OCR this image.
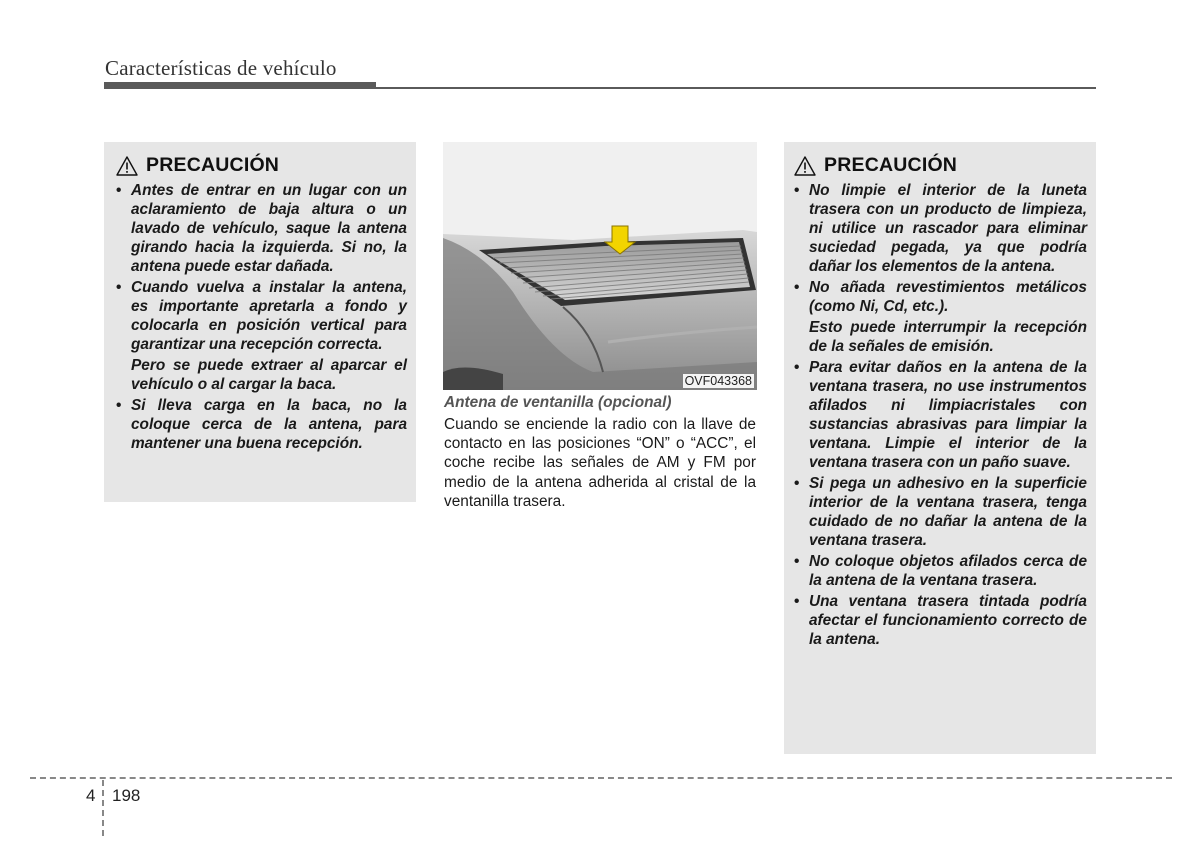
Características de vehículo
PRECAUCIÓN

• Antes de entrar en un lugar con un aclaramiento de baja altura o un lavado de vehículo, saque la antena girando hacia la izquierda. Si no, la antena puede estar dañada.

• Cuando vuelva a instalar la antena, es importante apretarla a fondo y colocarla en posición vertical para garantizar una recepción correcta.

Pero se puede extraer al aparcar el vehículo o al cargar la baca.

• Si lleva carga en la baca, no la coloque cerca de la antena, para mantener una buena recepción.

OVF043368
Antena de ventanilla (opcional)

Cuando se enciende la radio con la llave de contacto en las posiciones “ON” o “ACC”, el coche recibe las señales de AM y FM por medio de la antena adherida al cristal de la ventanilla trasera.

PRECAUCIÓN

• No limpie el interior de la luneta trasera con un producto de limpieza, ni utilice un rascador para eliminar suciedad pegada, ya que podría dañar los elementos de la antena.

• No añada revestimientos metálicos (como Ni, Cd, etc.).

Esto puede interrumpir la recepción de la señales de emisión.

• Para evitar daños en la antena de la ventana trasera, no use instrumentos afilados ni limpiacristales con sustancias abrasivas para limpiar la ventana. Limpie el interior de la ventana trasera con un paño suave.

• Si pega un adhesivo en la superficie interior de la ventana trasera, tenga cuidado de no dañar la antena de la ventana trasera.

• No coloque objetos afilados cerca de la antena de la ventana trasera.

• Una ventana trasera tintada podría afectar el funcionamiento correcto de la antena.

4 198
